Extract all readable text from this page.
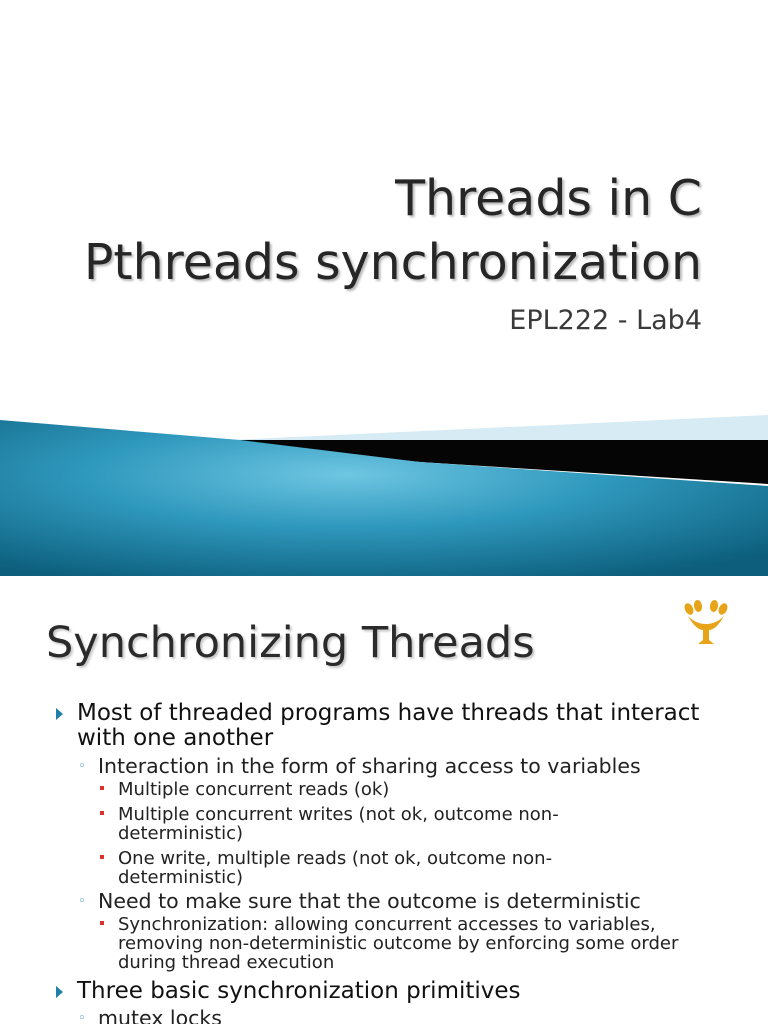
Threads in C
Pthreads synchronization
EPL222 - Lab4
Synchronizing Threads
Most of threaded programs have threads that interact with one another
◦ Interaction in the form of sharing access to variables
Multiple concurrent reads (ok)
Multiple concurrent writes (not ok, outcome non-deterministic)
One write, multiple reads (not ok, outcome non-deterministic)
◦ Need to make sure that the outcome is deterministic
Synchronization: allowing concurrent accesses to variables, removing non-deterministic outcome by enforcing some order during thread execution
Three basic synchronization primitives
◦ mutex locks
